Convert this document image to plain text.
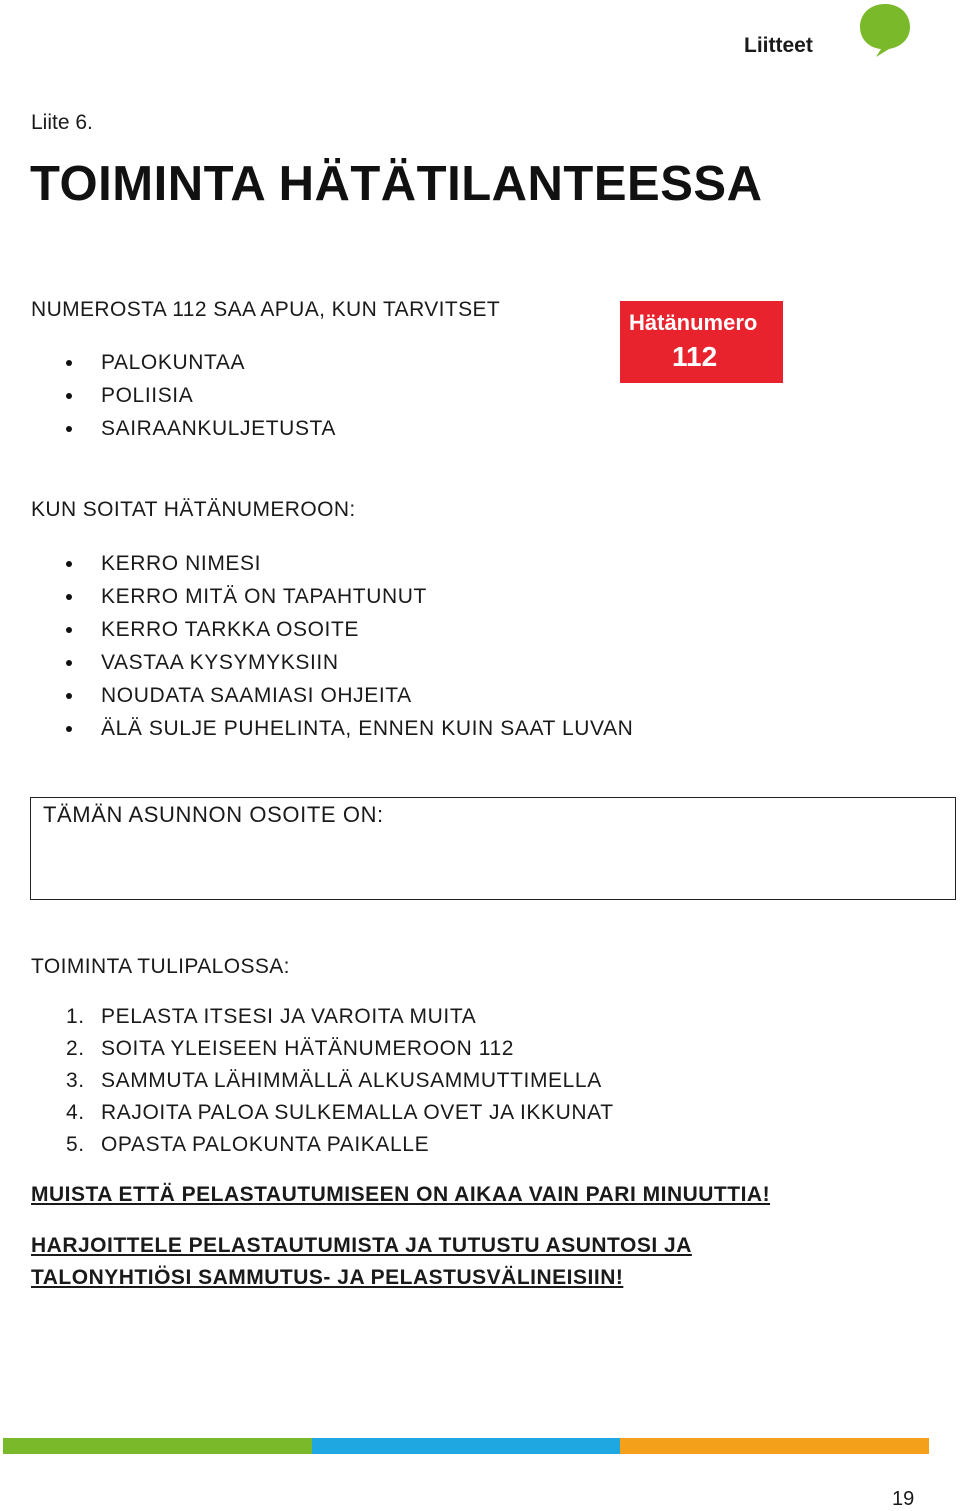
Liitteet
Liite 6.
TOIMINTA HÄTÄTILANTEESSA

NUMEROSTA 112 SAA APUA, KUN TARVITSET

PALOKUNTAA
POLIISIA
SAIRAANKULJETUSTA
Hätänumero
112

KUN SOITAT HÄTÄNUMEROON:

KERRO NIMESI
KERRO MITÄ ON TAPAHTUNUT
KERRO TARKKA OSOITE
VASTAA KYSYMYKSIIN
NOUDATA SAAMIASI OHJEITA
ÄLÄ SULJE PUHELINTA, ENNEN KUIN SAAT LUVAN
TÄMÄN ASUNNON OSOITE ON:

TOIMINTA TULIPALOSSA:

1. PELASTA ITSESI JA VAROITA MUITA
2. SOITA YLEISEEN HÄTÄNUMEROON 112
3. SAMMUTA LÄHIMMÄLLÄ ALKUSAMMUTTIMELLA
4. RAJOITA PALOA SULKEMALLA OVET JA IKKUNAT
5. OPASTA PALOKUNTA PAIKALLE

MUISTA ETTÄ PELASTAUTUMISEEN ON AIKAA VAIN PARI MINUUTTIA!

HARJOITTELE PELASTAUTUMISTA JA TUTUSTU ASUNTOSI JA

TALONYHTIÖSI SAMMUTUS- JA PELASTUSVÄLINEISIIN!

19
